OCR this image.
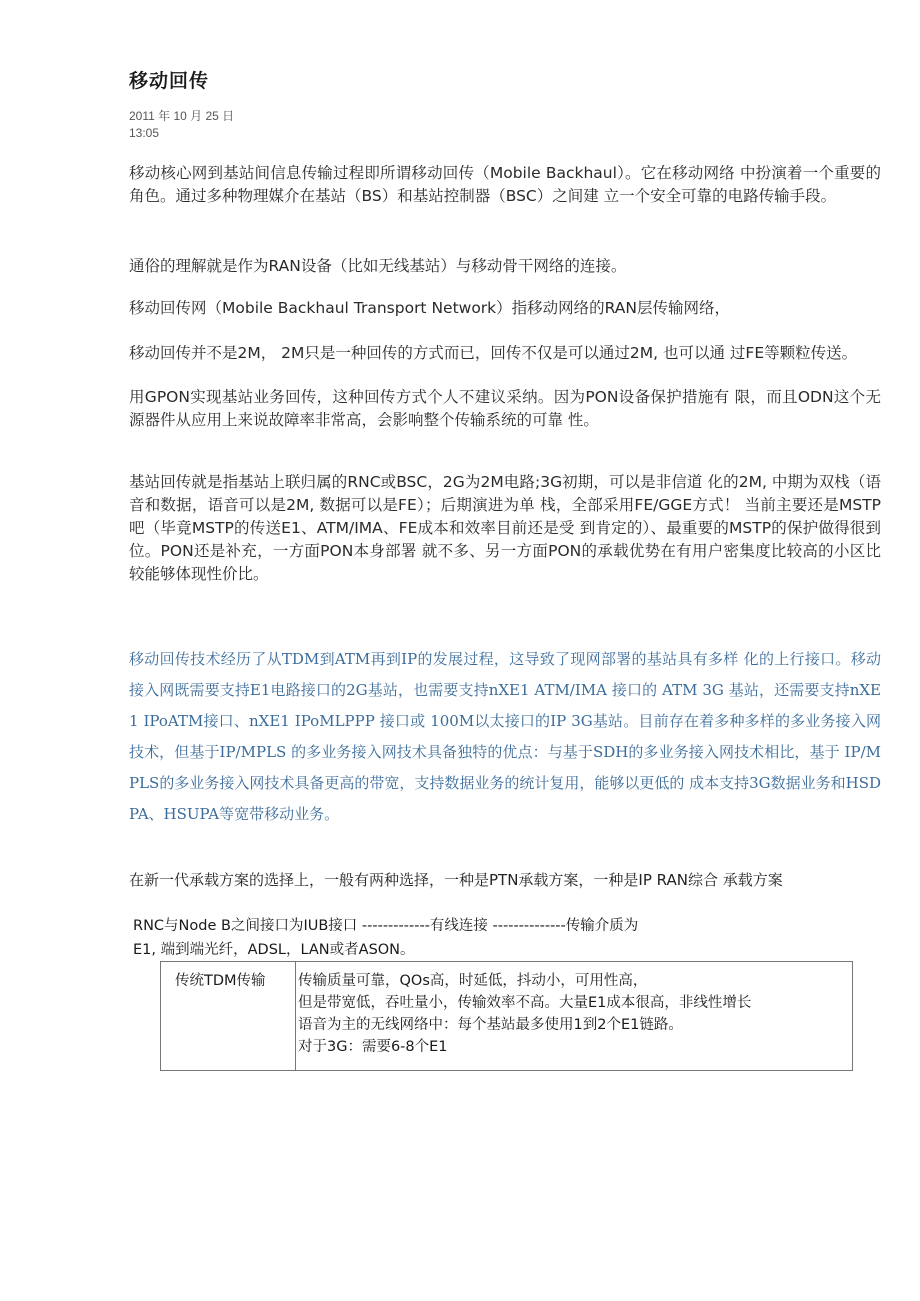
移动回传
2011 年 10 月 25 日
13:05

移动核心网到基站间信息传输过程即所谓移动回传（Mobile Backhaul）。它在移动网络 中扮演着一个重要的角色。通过多种物理媒介在基站（BS）和基站控制器（BSC）之间建 立一个安全可靠的电路传输手段。

通俗的理解就是作为RAN设备（比如无线基站）与移动骨干网络的连接。

移动回传网（Mobile Backhaul Transport Network）指移动网络的RAN层传输网络，

移动回传并不是2M， 2M只是一种回传的方式而已，回传不仅是可以通过2M, 也可以通 过FE等颗粒传送。

用GPON实现基站业务回传，这种回传方式个人不建议采纳。因为PON设备保护措施有 限，而且ODN这个无源器件从应用上来说故障率非常高，会影响整个传输系统的可靠 性。

基站回传就是指基站上联归属的RNC或BSC，2G为2M电路;3G初期，可以是非信道 化的2M, 中期为双栈（语音和数据，语音可以是2M, 数据可以是FE）；后期演进为单 栈，全部采用FE/GGE方式！ 当前主要还是MSTP吧（毕竟MSTP的传送E1、ATM/IMA、FE成本和效率目前还是受 到肯定的）、最重要的MSTP的保护做得很到位。PON还是补充，一方面PON本身部署 就不多、另一方面PON的承载优势在有用户密集度比较高的小区比较能够体现性价比。

移动回传技术经历了从TDM到ATM再到IP的发展过程，这导致了现网部署的基站具有多样 化的上行接口。移动接入网既需要支持E1电路接口的2G基站，也需要支持nXE1 ATM/IMA 接口的 ATM 3G 基站，还需要支持nXE1 IPoATM接口、nXE1 IPoMLPPP 接口或 100M以太接口的IP 3G基站。目前存在着多种多样的多业务接入网技术，但基于IP/MPLS 的多业务接入网技术具备独特的优点：与基于SDH的多业务接入网技术相比，基于 IP/MPLS的多业务接入网技术具备更高的带宽，支持数据业务的统计复用，能够以更低的 成本支持3G数据业务和HSDPA、HSUPA等宽带移动业务。

在新一代承载方案的选择上，一般有两种选择，一种是PTN承载方案，一种是IP RAN综合 承载方案

RNC与Node B之间接口为IUB接口 -------------有线连接 --------------传输介质为
E1, 端到端光纤，ADSL，LAN或者ASON。
传统TDM传输	传输质量可靠，QOs高，时延低，抖动小，可用性高，
但是带宽低，吞吐量小，传输效率不高。大量E1成本很高，非线性增长
语音为主的无线网络中：每个基站最多使用1到2个E1链路。
对于3G：需要6-8个E1
